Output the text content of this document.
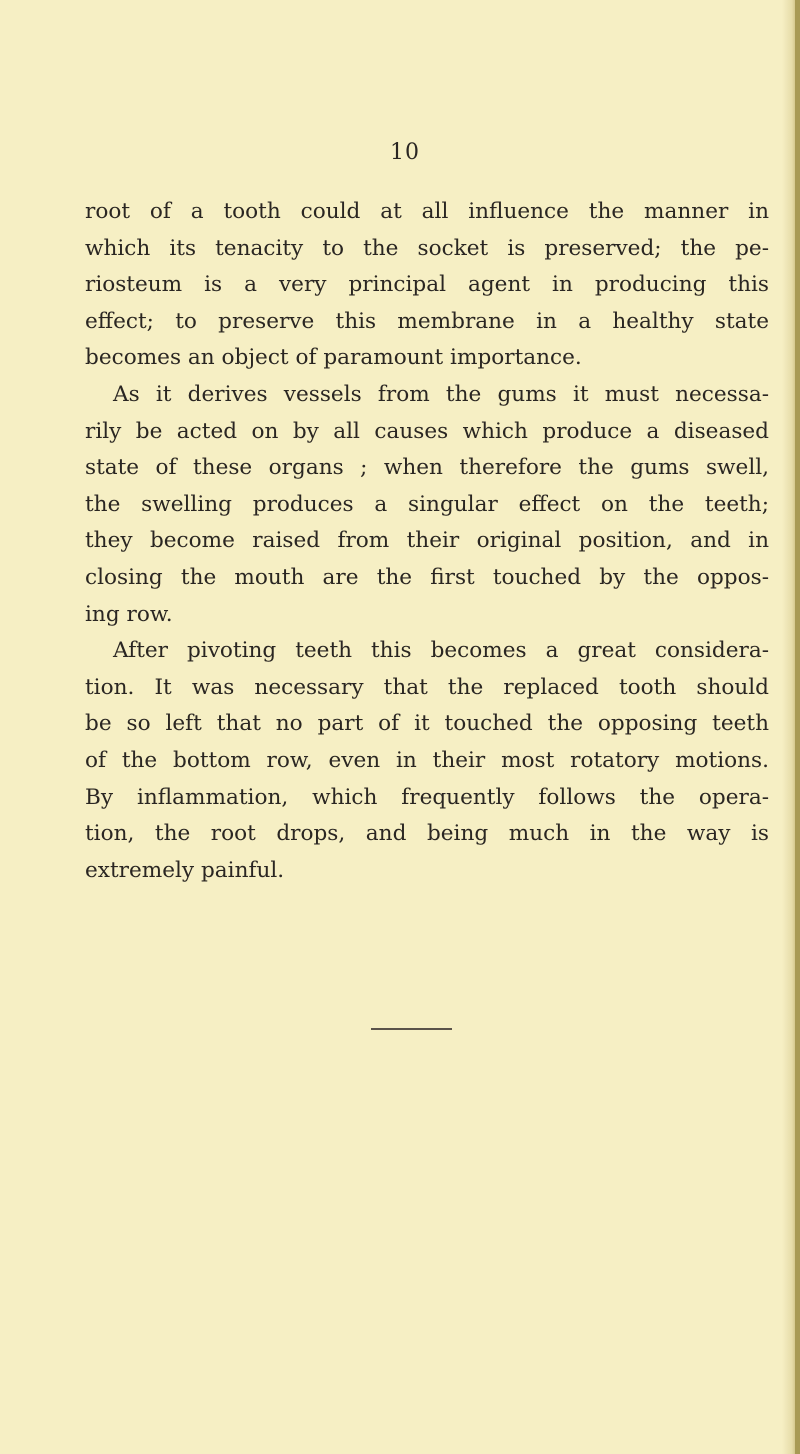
10
root of a tooth could at all influence the manner in
which its tenacity to the socket is preserved; the pe-
riosteum is a very principal agent in producing this
effect; to preserve this membrane in a healthy state
becomes an object of paramount importance.
As it derives vessels from the gums it must necessa-
rily be acted on by all causes which produce a diseased
state of these organs ; when therefore the gums swell,
the swelling produces a singular effect on the teeth;
they become raised from their original position, and in
closing the mouth are the first touched by the oppos-
ing row.
After pivoting teeth this becomes a great considera-
tion. It was necessary that the replaced tooth should
be so left that no part of it touched the opposing teeth
of the bottom row, even in their most rotatory motions.
By inflammation, which frequently follows the opera-
tion, the root drops, and being much in the way is
extremely painful.
